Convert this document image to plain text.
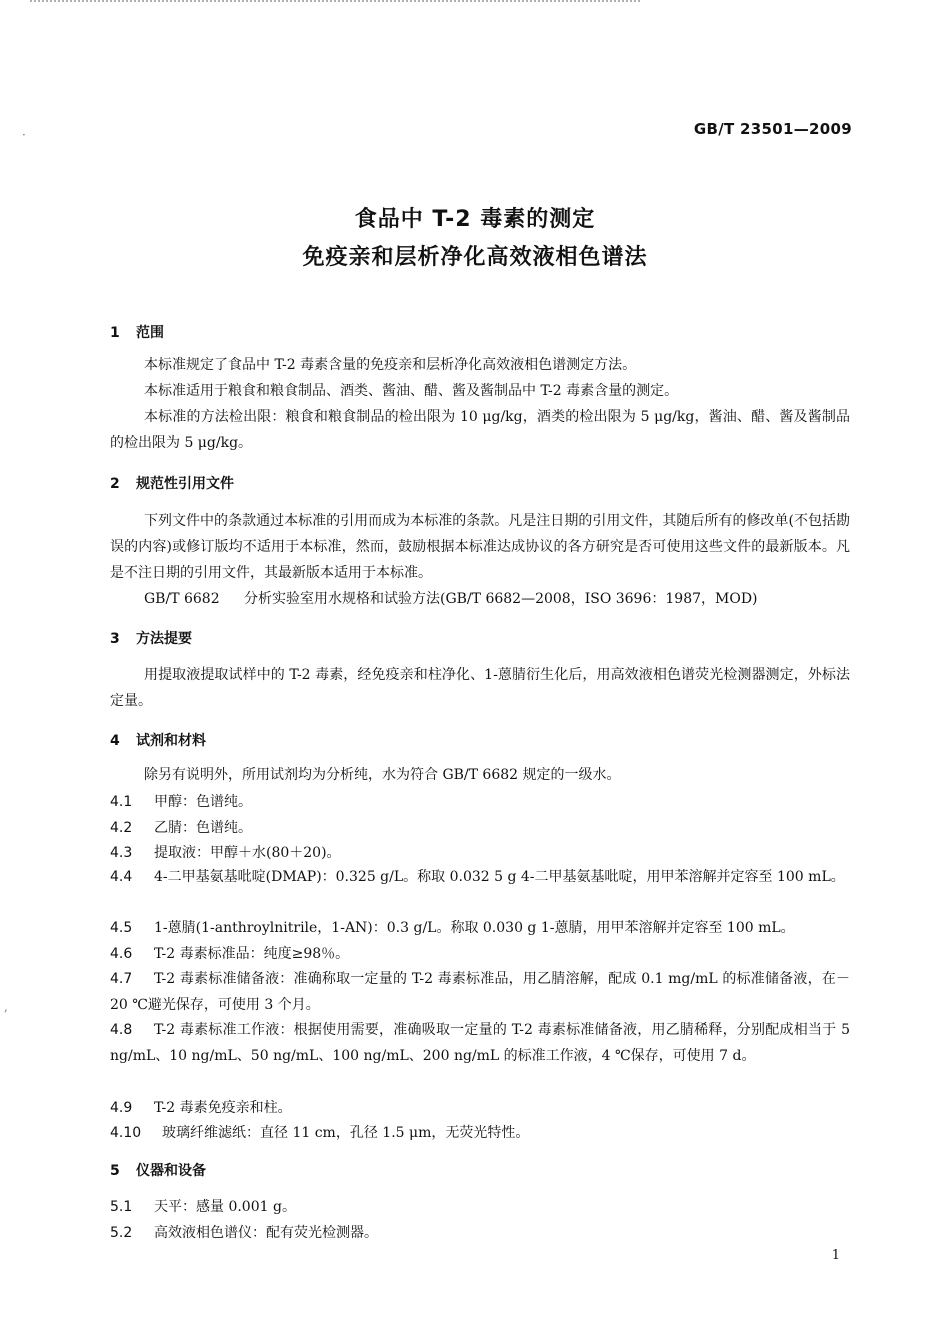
·
,
GB/T 23501—2009
食品中 T-2 毒素的测定
免疫亲和层析净化高效液相色谱法
1 范围
本标准规定了食品中 T-2 毒素含量的免疫亲和层析净化高效液相色谱测定方法。
本标准适用于粮食和粮食制品、酒类、酱油、醋、酱及酱制品中 T-2 毒素含量的测定。
本标准的方法检出限：粮食和粮食制品的检出限为 10 μg/kg，酒类的检出限为 5 μg/kg，酱油、醋、酱及酱制品的检出限为 5 μg/kg。
2 规范性引用文件
下列文件中的条款通过本标准的引用而成为本标准的条款。凡是注日期的引用文件，其随后所有的修改单(不包括勘误的内容)或修订版均不适用于本标准，然而，鼓励根据本标准达成协议的各方研究是否可使用这些文件的最新版本。凡是不注日期的引用文件，其最新版本适用于本标准。
GB/T 6682 分析实验室用水规格和试验方法(GB/T 6682—2008，ISO 3696：1987，MOD)
3 方法提要
用提取液提取试样中的 T-2 毒素，经免疫亲和柱净化、1-蒽腈衍生化后，用高效液相色谱荧光检测器测定，外标法定量。
4 试剂和材料
除另有说明外，所用试剂均为分析纯，水为符合 GB/T 6682 规定的一级水。
4.1 甲醇：色谱纯。
4.2 乙腈：色谱纯。
4.3 提取液：甲醇＋水(80＋20)。
4.4 4-二甲基氨基吡啶(DMAP)：0.325 g/L。称取 0.032 5 g 4-二甲基氨基吡啶，用甲苯溶解并定容至 100 mL。
4.5 1-蒽腈(1-anthroylnitrile，1-AN)：0.3 g/L。称取 0.030 g 1-蒽腈，用甲苯溶解并定容至 100 mL。
4.6 T-2 毒素标准品：纯度≥98％。
4.7 T-2 毒素标准储备液：准确称取一定量的 T-2 毒素标准品，用乙腈溶解，配成 0.1 mg/mL 的标准储备液，在－20 ℃避光保存，可使用 3 个月。
4.8 T-2 毒素标准工作液：根据使用需要，准确吸取一定量的 T-2 毒素标准储备液，用乙腈稀释，分别配成相当于 5 ng/mL、10 ng/mL、50 ng/mL、100 ng/mL、200 ng/mL 的标准工作液，4 ℃保存，可使用 7 d。
4.9 T-2 毒素免疫亲和柱。
4.10 玻璃纤维滤纸：直径 11 cm，孔径 1.5 μm，无荧光特性。
5 仪器和设备
5.1 天平：感量 0.001 g。
5.2 高效液相色谱仪：配有荧光检测器。
1
